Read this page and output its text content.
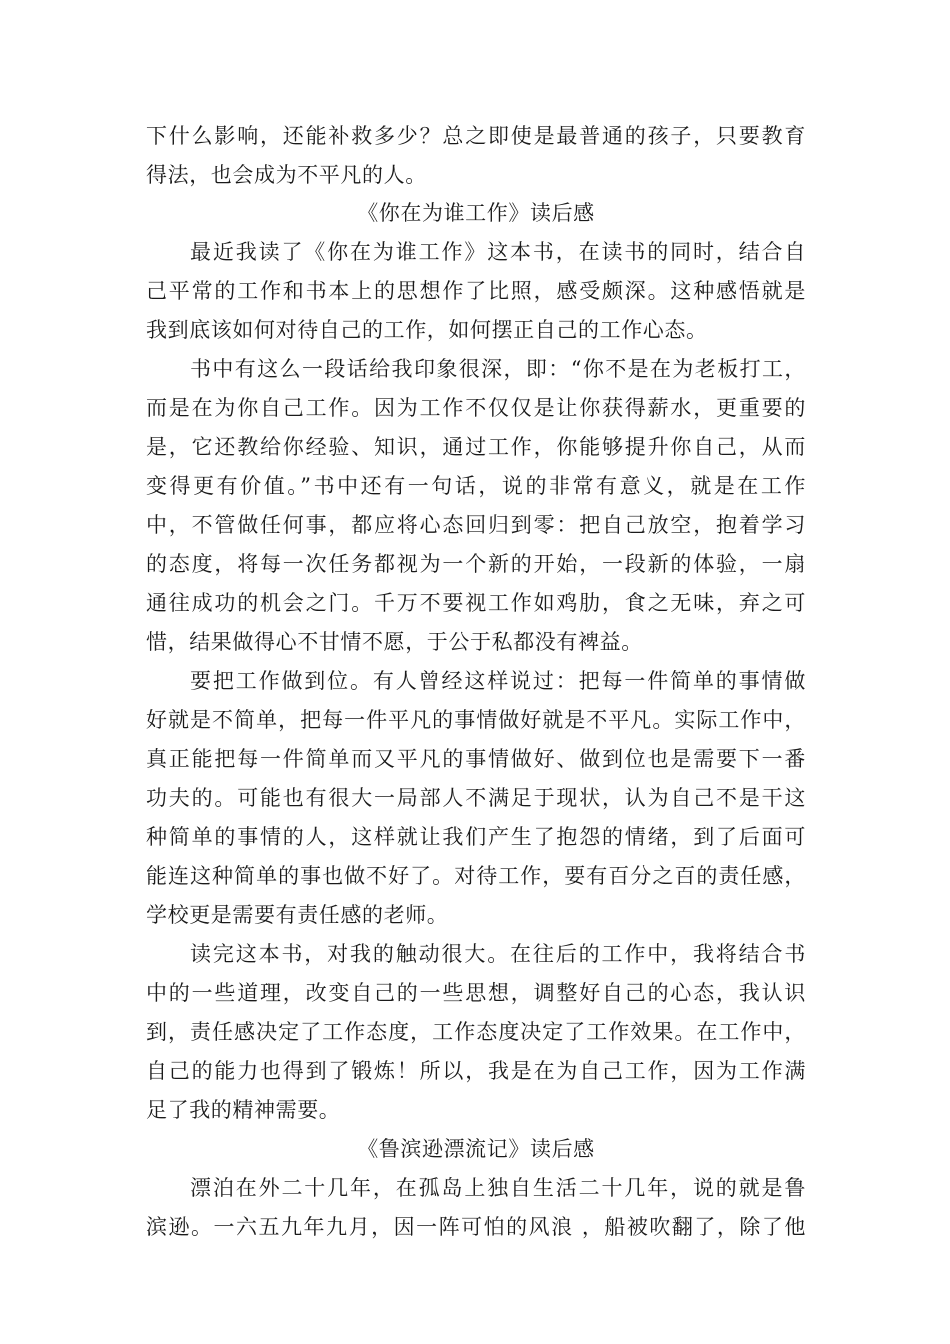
下什么影响，还能补救多少？总之即使是最普通的孩子，只要教育
得法，也会成为不平凡的人。
《你在为谁工作》读后感
最近我读了《你在为谁工作》这本书，在读书的同时，结合自
己平常的工作和书本上的思想作了比照，感受颇深。这种感悟就是
我到底该如何对待自己的工作，如何摆正自己的工作心态。
书中有这么一段话给我印象很深，即：“你不是在为老板打工，
而是在为你自己工作。因为工作不仅仅是让你获得薪水，更重要的
是，它还教给你经验、知识，通过工作，你能够提升你自己，从而
变得更有价值。”书中还有一句话，说的非常有意义，就是在工作
中，不管做任何事，都应将心态回归到零：把自己放空，抱着学习
的态度，将每一次任务都视为一个新的开始，一段新的体验，一扇
通往成功的机会之门。千万不要视工作如鸡肋，食之无味，弃之可
惜，结果做得心不甘情不愿，于公于私都没有裨益。
要把工作做到位。有人曾经这样说过：把每一件简单的事情做
好就是不简单，把每一件平凡的事情做好就是不平凡。实际工作中，
真正能把每一件简单而又平凡的事情做好、做到位也是需要下一番
功夫的。可能也有很大一局部人不满足于现状，认为自己不是干这
种简单的事情的人，这样就让我们产生了抱怨的情绪，到了后面可
能连这种简单的事也做不好了。对待工作，要有百分之百的责任感，
学校更是需要有责任感的老师。
读完这本书，对我的触动很大。在往后的工作中，我将结合书
中的一些道理，改变自己的一些思想，调整好自己的心态，我认识
到，责任感决定了工作态度，工作态度决定了工作效果。在工作中，
自己的能力也得到了锻炼！所以，我是在为自己工作，因为工作满
足了我的精神需要。
《鲁滨逊漂流记》读后感
漂泊在外二十几年，在孤岛上独自生活二十几年，说的就是鲁
滨逊。一六五九年九月，因一阵可怕的风浪 ，船被吹翻了，除了他
